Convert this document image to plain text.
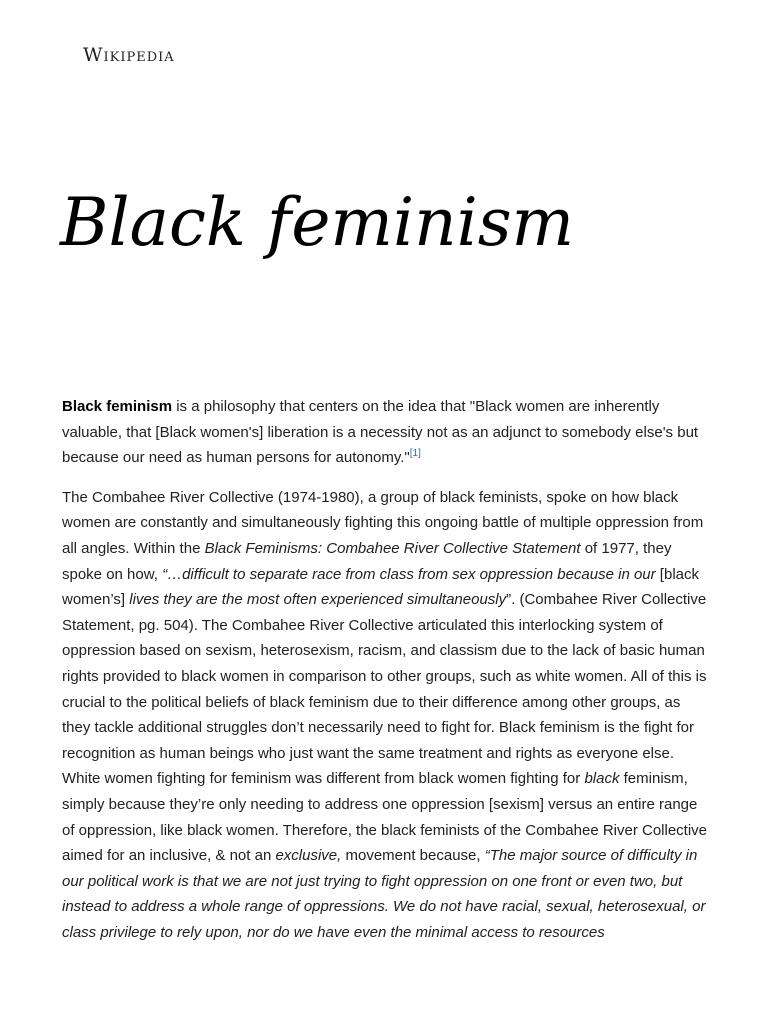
Wikipedia
Black feminism

Black feminism is a philosophy that centers on the idea that "Black women are inherently valuable, that [Black women's] liberation is a necessity not as an adjunct to somebody else's but because our need as human persons for autonomy."[1]

The Combahee River Collective (1974-1980), a group of black feminists, spoke on how black women are constantly and simultaneously fighting this ongoing battle of multiple oppression from all angles. Within the Black Feminisms: Combahee River Collective Statement of 1977, they spoke on how, “…difficult to separate race from class from sex oppression because in our [black women’s] lives they are the most often experienced simultaneously”. (Combahee River Collective Statement, pg. 504). The Combahee River Collective articulated this interlocking system of oppression based on sexism, heterosexism, racism, and classism due to the lack of basic human rights provided to black women in comparison to other groups, such as white women. All of this is crucial to the political beliefs of black feminism due to their difference among other groups, as they tackle additional struggles don’t necessarily need to fight for. Black feminism is the fight for recognition as human beings who just want the same treatment and rights as everyone else. White women fighting for feminism was different from black women fighting for black feminism, simply because they’re only needing to address one oppression [sexism] versus an entire range of oppression, like black women. Therefore, the black feminists of the Combahee River Collective aimed for an inclusive, & not an exclusive, movement because, “The major source of difficulty in our political work is that we are not just trying to fight oppression on one front or even two, but instead to address a whole range of oppressions. We do not have racial, sexual, heterosexual, or class privilege to rely upon, nor do we have even the minimal access to resources
